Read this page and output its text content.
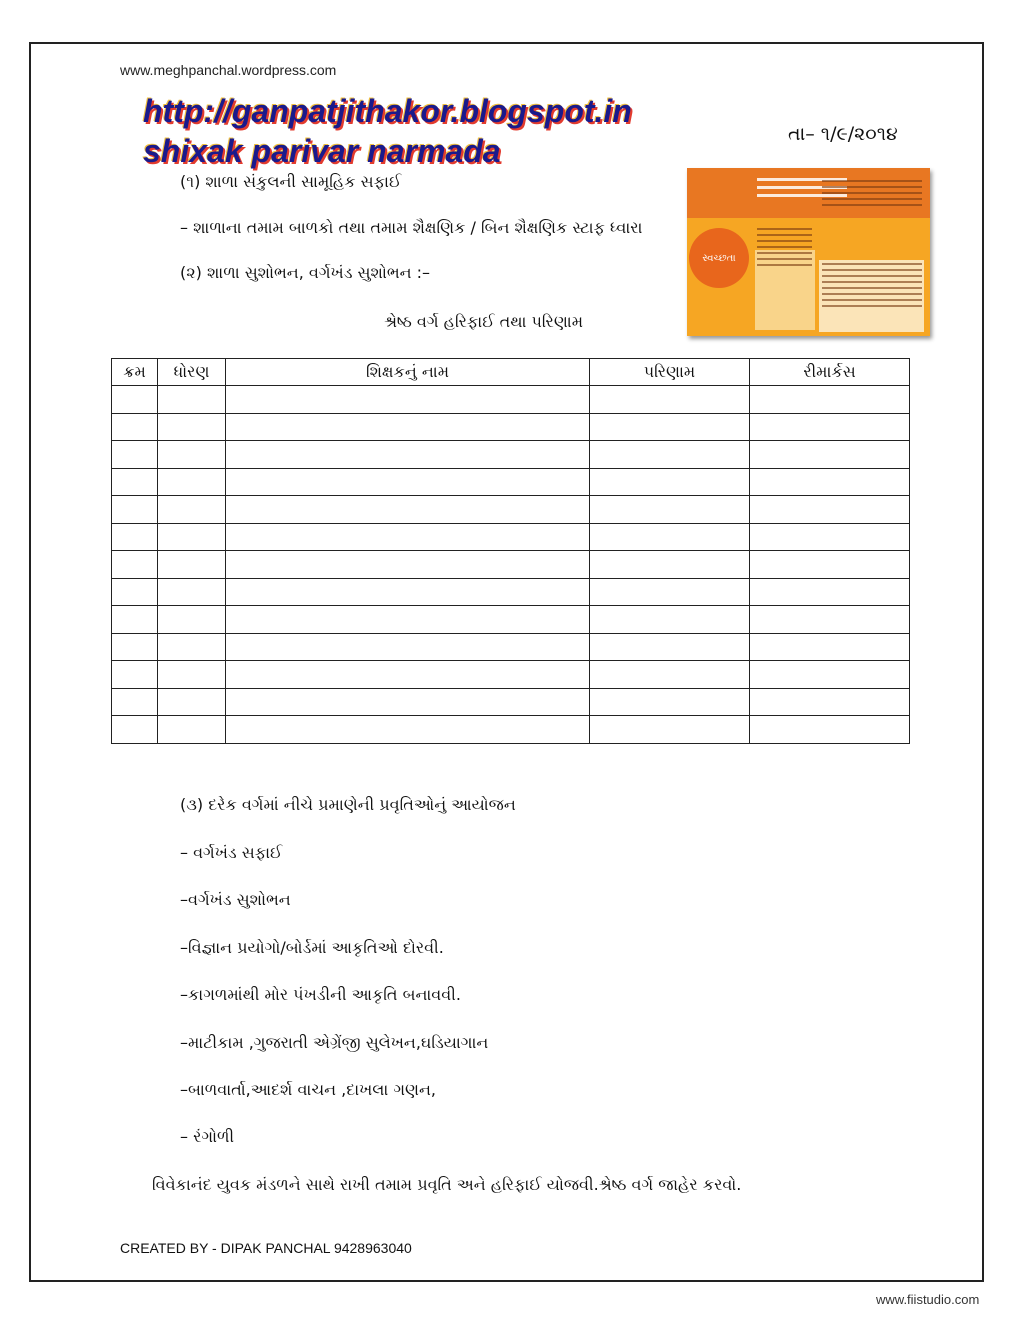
www.meghpanchal.wordpress.com
http://ganpatjithakor.blogspot.in
shixak parivar narmada	તા– ૧/૯/૨૦૧૪
(૧) શાળા સંકુલની સામૂહિક સફાઈ
– શાળાના તમામ બાળકો તથા તમામ શૈક્ષણિક / બિન શૈક્ષણિક સ્ટાફ ધ્વારા
(૨) શાળા સુશોભન, વર્ગખંડ સુશોભન :–
શ્રેષ્ઠ વર્ગ હરિફાઈ તથા પરિણામ
સ્વચ્છતા
ક્રમ	ધોરણ	શિક્ષકનું નામ	પરિણામ	રીમાર્કસ

(૩) દરેક વર્ગમાં નીચે પ્રમાણેની પ્રવૃતિઓનું આયોજન
– વર્ગખંડ સફાઈ
–વર્ગખંડ સુશોભન
–વિજ્ઞાન પ્રયોગો/બોર્ડમાં આકૃતિઓ દોરવી.
–કાગળમાંથી મોર પંખડીની આકૃતિ બનાવવી.
–માટીકામ ,ગુજરાતી એગ્રેંજી સુલેખન,ઘડિયાગાન
–બાળવાર્તા,આદર્શ વાચન ,દાખલા ગણન,
– રંગોળી
વિવેકાનંદ યુવક મંડળને સાથે રાખી તમામ પ્રવૃતિ અને હરિફાઈ યોજવી.શ્રેષ્ઠ વર્ગ જાહેર કરવો.
CREATED BY - DIPAK PANCHAL 9428963040
www.fiistudio.com
